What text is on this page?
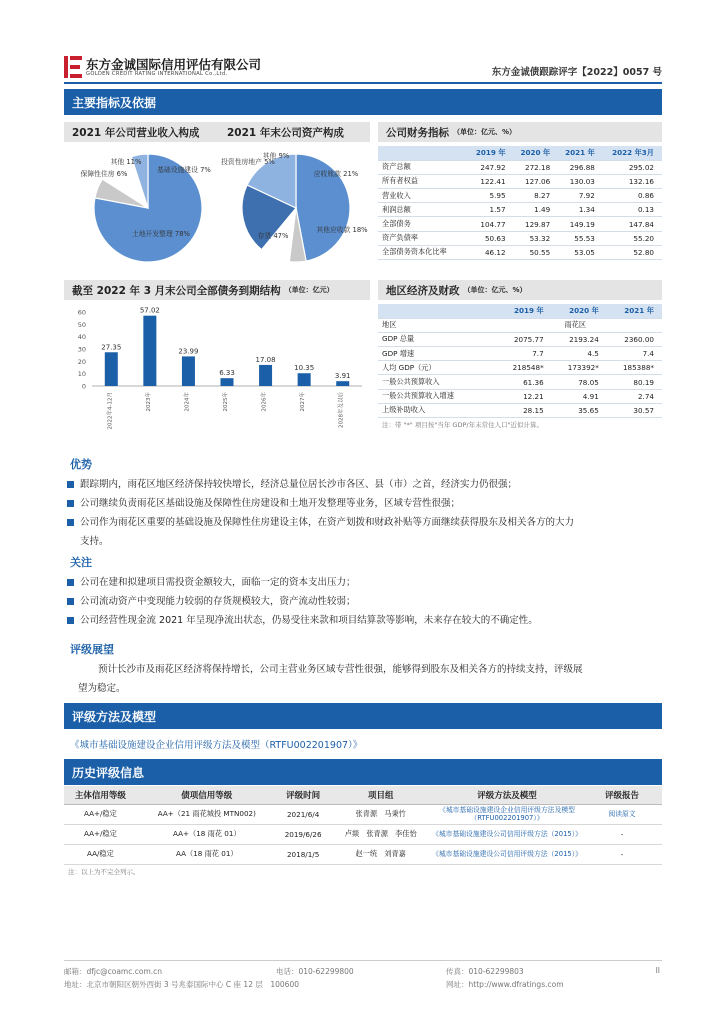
东方金诚国际信用评估有限公司
GOLDEN CREDIT RATING INTERNATIONAL Co.,Ltd.	东方金诚债跟踪评字【2022】0057 号
主要指标及依据
2021 年公司营业收入构成	2021 年末公司资产构成
土地开发整理 78%
保障性住房 6%
其他 11%
基础设施建设 7%
存货 47%
投资性房地产 5%
其他 9%
应收账款 21%
其他应收款 18%
公司财务指标 （单位：亿元、%）
	2019 年	2020 年	2021 年	2022 年3月
资产总额	247.92	272.18	296.88	295.02
所有者权益	122.41	127.06	130.03	132.16
营业收入	5.95	8.27	7.92	0.86
利润总额	1.57	1.49	1.34	0.13
全部债务	104.77	129.87	149.19	147.84
资产负债率	50.63	53.32	55.53	55.20
全部债务资本化比率	46.12	50.55	53.05	52.80
截至 2022 年 3 月末公司全部债务到期结构 （单位：亿元）
60
50
40
30
20
10
0
27.35
2022年4-12月
57.02
2023年
23.99
2024年
6.33
2025年
17.08
2026年
10.35
2027年
3.91
2028年及以后
地区经济及财政 （单位：亿元、%）
	2019 年	2020 年	2021 年
地区	雨花区		
GDP 总量	2075.77	2193.24	2360.00
GDP 增速	7.7	4.5	7.4
人均 GDP（元）	218548*	173392*	185388*
一般公共预算收入	61.36	78.05	80.19
一般公共预算收入增速	12.21	4.91	2.74
上级补助收入	28.15	35.65	30.57
注：带 "*" 项目按"当年 GDP/年末常住人口"近似计算。
优势
跟踪期内，雨花区地区经济保持较快增长，经济总量位居长沙市各区、县（市）之首，经济实力仍很强；
公司继续负责雨花区基础设施及保障性住房建设和土地开发整理等业务，区域专营性很强；
公司作为雨花区重要的基础设施及保障性住房建设主体，在资产划拨和财政补贴等方面继续获得股东及相关各方的大力
支持。
关注
公司在建和拟建项目需投资金额较大，面临一定的资本支出压力；
公司流动资产中变现能力较弱的存货规模较大，资产流动性较弱；
公司经营性现金流 2021 年呈现净流出状态，仍易受往来款和项目结算款等影响，未来存在较大的不确定性。
评级展望
预计长沙市及雨花区经济将保持增长，公司主营业务区域专营性很强，能够得到股东及相关各方的持续支持，评级展
望为稳定。
评级方法及模型
《城市基础设施建设企业信用评级方法及模型（RTFU002201907）》
历史评级信息
主体信用等级	债项信用等级	评级时间	项目组	评级方法及模型	评级报告
AA+/稳定	AA+（21 雨花城投 MTN002)	2021/6/4	张青源　马秉竹	《城市基础设施建设企业信用评级方法及模型（RTFU002201907）》	阅读原文
AA+/稳定	AA+（18 雨花 01）	2019/6/26	卢燚　张青源　李佳怡	《城市基础设施建设公司信用评级方法（2015）》	-
AA/稳定	AA（18 雨花 01）	2018/1/5	赵一统　刘青嘉	《城市基础设施建设公司信用评级方法（2015）》	-
注：以上为不完全列示。
邮箱：dfjc@coamc.com.cn	电话：010-62299800	传真：010-62299803	II
地址：北京市朝阳区朝外西街 3 号兆泰国际中心 C 座 12 层　100600	网址：http://www.dfratings.com
